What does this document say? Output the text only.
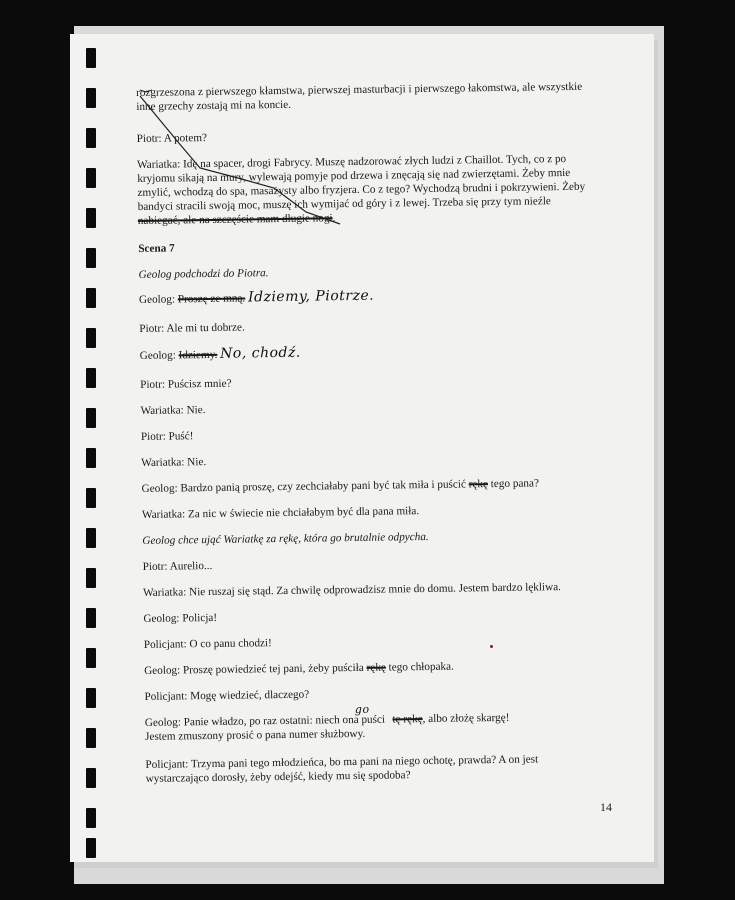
rozgrzeszona z pierwszego kłamstwa, pierwszej masturbacji i pierwszego łakomstwa, ale wszystkie
inne grzechy zostają mi na koncie.
Piotr: A potem?
Wariatka: Idę na spacer, drogi Fabrycy. Muszę nadzorować złych ludzi z Chaillot. Tych, co z po
kryjomu sikają na mury, wylewają pomyje pod drzewa i znęcają się nad zwierzętami. Żeby mnie
zmylić, wchodzą do spa, masażysty albo fryzjera. Co z tego? Wychodzą brudni i pokrzywieni. Żeby
bandyci stracili swoją moc, muszę ich wymijać od góry i z lewej. Trzeba się przy tym nieźle
nabiegać, ale na szczęście mam długie nogi.
Scena 7
Geolog podchodzi do Piotra.
Geolog: Proszę ze mną. Idziemy, Piotrze.
Piotr: Ale mi tu dobrze.
Geolog: Idziemy. No, chodź.
Piotr: Puścisz mnie?
Wariatka: Nie.
Piotr: Puść!
Wariatka: Nie.
Geolog: Bardzo panią proszę, czy zechciałaby pani być tak miła i puścić rękę tego pana?
Wariatka: Za nic w świecie nie chciałabym być dla pana miła.
Geolog chce ująć Wariatkę za rękę, która go brutalnie odpycha.
Piotr: Aurelio...
Wariatka: Nie ruszaj się stąd. Za chwilę odprowadzisz mnie do domu. Jestem bardzo lękliwa.
Geolog: Policja!
Policjant: O co panu chodzi!
Geolog: Proszę powiedzieć tej pani, żeby puściła rękę tego chłopaka.
Policjant: Mogę wiedzieć, dlaczego?
Geolog: Panie władzo, po raz ostatni: niech ona puścigo tę rękę, albo złożę skargę!
Jestem zmuszony prosić o pana numer służbowy.
Policjant: Trzyma pani tego młodzieńca, bo ma pani na niego ochotę, prawda? A on jest
wystarczająco dorosły, żeby odejść, kiedy mu się spodoba?
14
